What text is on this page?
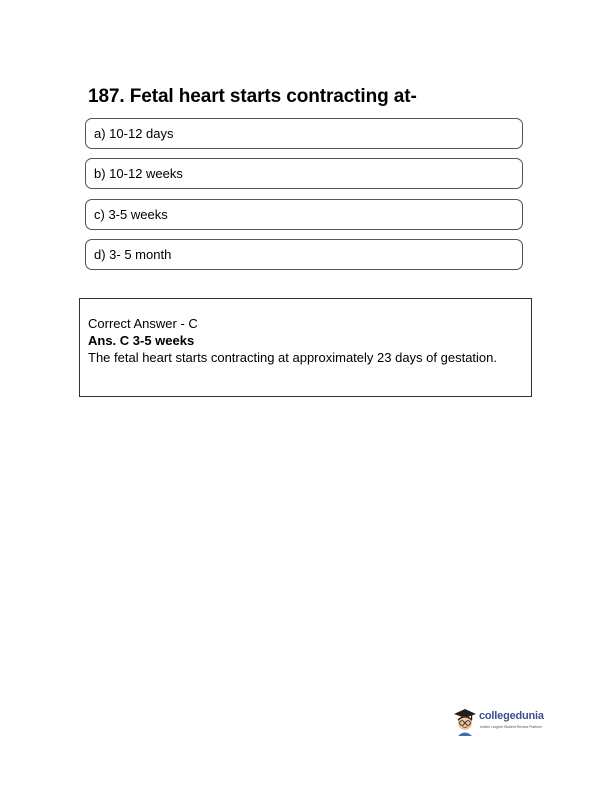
187. Fetal heart starts contracting at-
a) 10-12 days
b) 10-12 weeks
c) 3-5 weeks
d) 3- 5 month
Correct Answer - C
Ans. C 3-5 weeks
The fetal heart starts contracting at approximately 23 days of gestation.
collegedunia
India's Largest Student Review Platform
